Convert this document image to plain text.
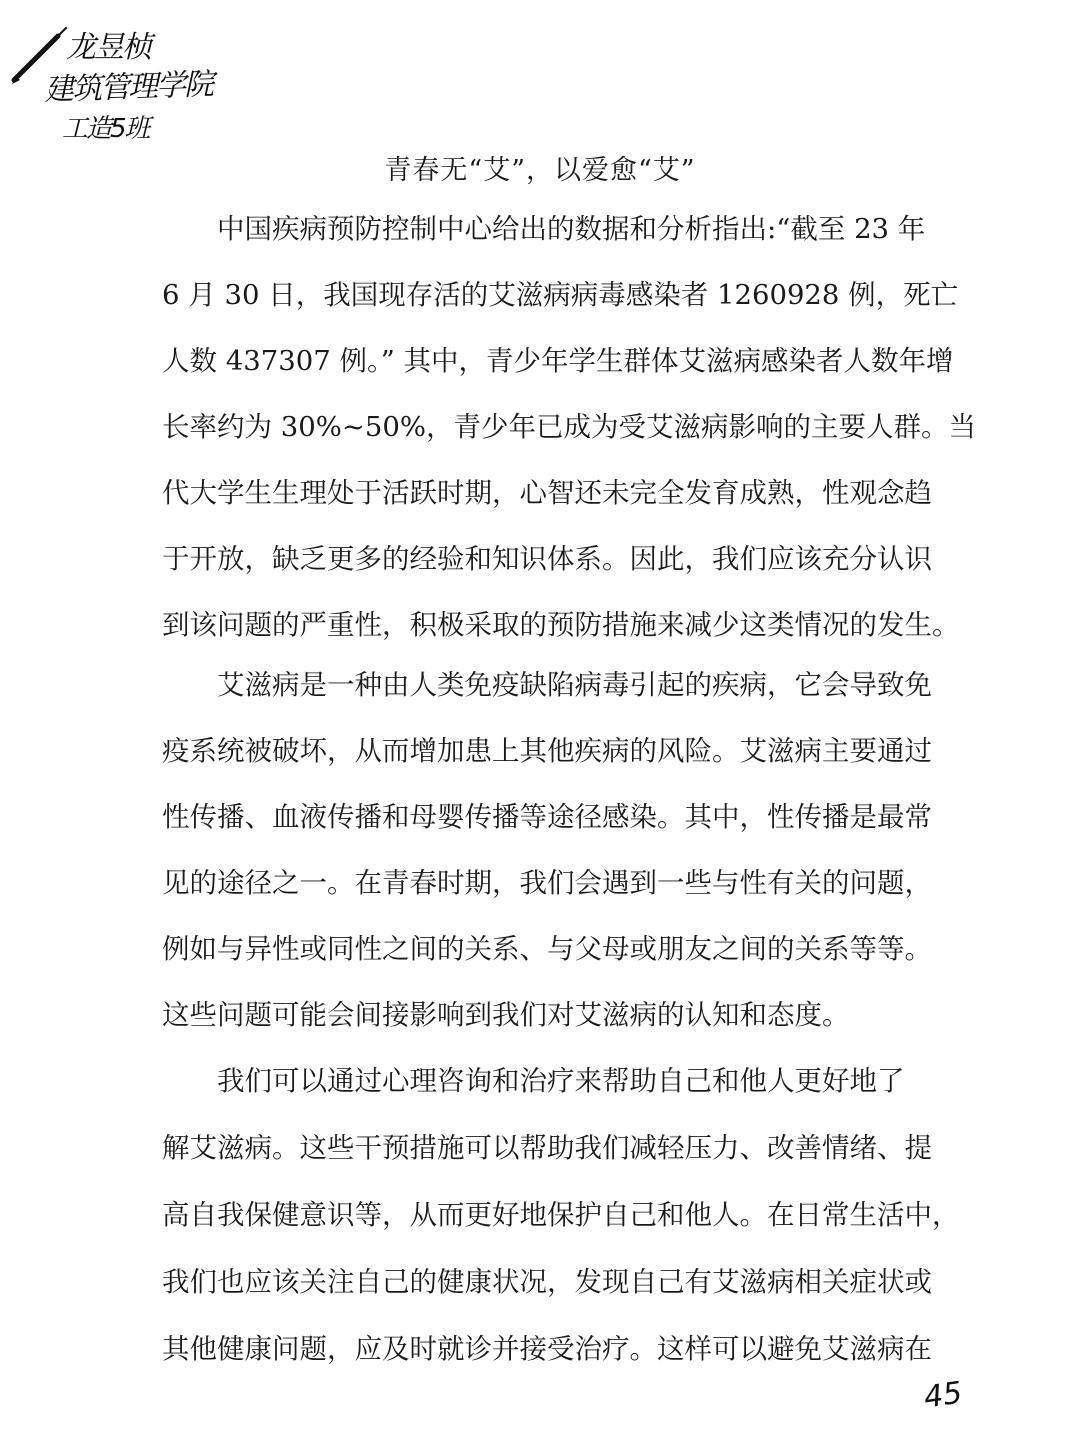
龙昱桢
建筑管理学院
工造5班
青春无“艾”，以爱愈“艾”
中国疾病预防控制中心给出的数据和分析指出:“截至 23 年
6 月 30 日，我国现存活的艾滋病病毒感染者 1260928 例，死亡
人数 437307 例。” 其中，青少年学生群体艾滋病感染者人数年增
长率约为 30%~50%，青少年已成为受艾滋病影响的主要人群。当
代大学生生理处于活跃时期，心智还未完全发育成熟，性观念趋
于开放，缺乏更多的经验和知识体系。因此，我们应该充分认识
到该问题的严重性，积极采取的预防措施来减少这类情况的发生。
艾滋病是一种由人类免疫缺陷病毒引起的疾病，它会导致免
疫系统被破坏，从而增加患上其他疾病的风险。艾滋病主要通过
性传播、血液传播和母婴传播等途径感染。其中，性传播是最常
见的途径之一。在青春时期，我们会遇到一些与性有关的问题，
例如与异性或同性之间的关系、与父母或朋友之间的关系等等。
这些问题可能会间接影响到我们对艾滋病的认知和态度。
我们可以通过心理咨询和治疗来帮助自己和他人更好地了
解艾滋病。这些干预措施可以帮助我们减轻压力、改善情绪、提
高自我保健意识等，从而更好地保护自己和他人。在日常生活中，
我们也应该关注自己的健康状况，发现自己有艾滋病相关症状或
其他健康问题，应及时就诊并接受治疗。这样可以避免艾滋病在
45
